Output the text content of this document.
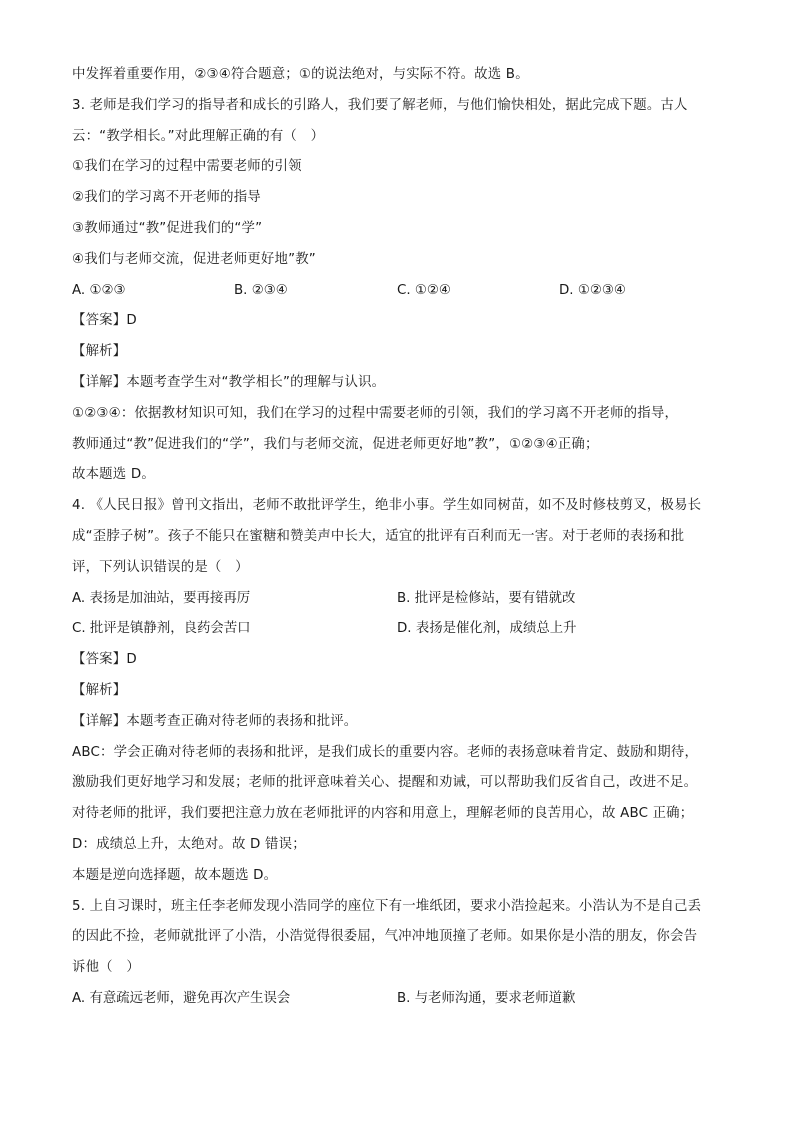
中发挥着重要作用，②③④符合题意；①的说法绝对，与实际不符。故选 B。
3. 老师是我们学习的指导者和成长的引路人，我们要了解老师，与他们愉快相处，据此完成下题。古人
云：“教学相长。”对此理解正确的有（　）
①我们在学习的过程中需要老师的引领
②我们的学习离不开老师的指导
③教师通过“教”促进我们的“学”
④我们与老师交流，促进老师更好地”教”
A. ①②③	B. ②③④	C. ①②④	D. ①②③④
【答案】D
【解析】
【详解】本题考查学生对“教学相长”的理解与认识。
①②③④：依据教材知识可知，我们在学习的过程中需要老师的引领，我们的学习离不开老师的指导，
教师通过“教”促进我们的“学”，我们与老师交流，促进老师更好地”教”，①②③④正确；
故本题选 D。
4. 《人民日报》曾刊文指出，老师不敢批评学生，绝非小事。学生如同树苗，如不及时修枝剪叉，极易长
成“歪脖子树”。孩子不能只在蜜糖和赞美声中长大，适宜的批评有百利而无一害。对于老师的表扬和批
评，下列认识错误的是（　）
A. 表扬是加油站，要再接再厉	B. 批评是检修站，要有错就改
C. 批评是镇静剂，良药会苦口	D. 表扬是催化剂，成绩总上升
【答案】D
【解析】
【详解】本题考查正确对待老师的表扬和批评。
ABC：学会正确对待老师的表扬和批评，是我们成长的重要内容。老师的表扬意味着肯定、鼓励和期待，
激励我们更好地学习和发展；老师的批评意味着关心、提醒和劝诫，可以帮助我们反省自己，改进不足。
对待老师的批评，我们要把注意力放在老师批评的内容和用意上，理解老师的良苦用心，故 ABC 正确；
D：成绩总上升，太绝对。故 D 错误；
本题是逆向选择题，故本题选 D。
5. 上自习课时，班主任李老师发现小浩同学的座位下有一堆纸团，要求小浩捡起来。小浩认为不是自己丢
的因此不捡，老师就批评了小浩，小浩觉得很委屈，气冲冲地顶撞了老师。如果你是小浩的朋友，你会告
诉他（　）
A. 有意疏远老师，避免再次产生误会	B. 与老师沟通，要求老师道歉
